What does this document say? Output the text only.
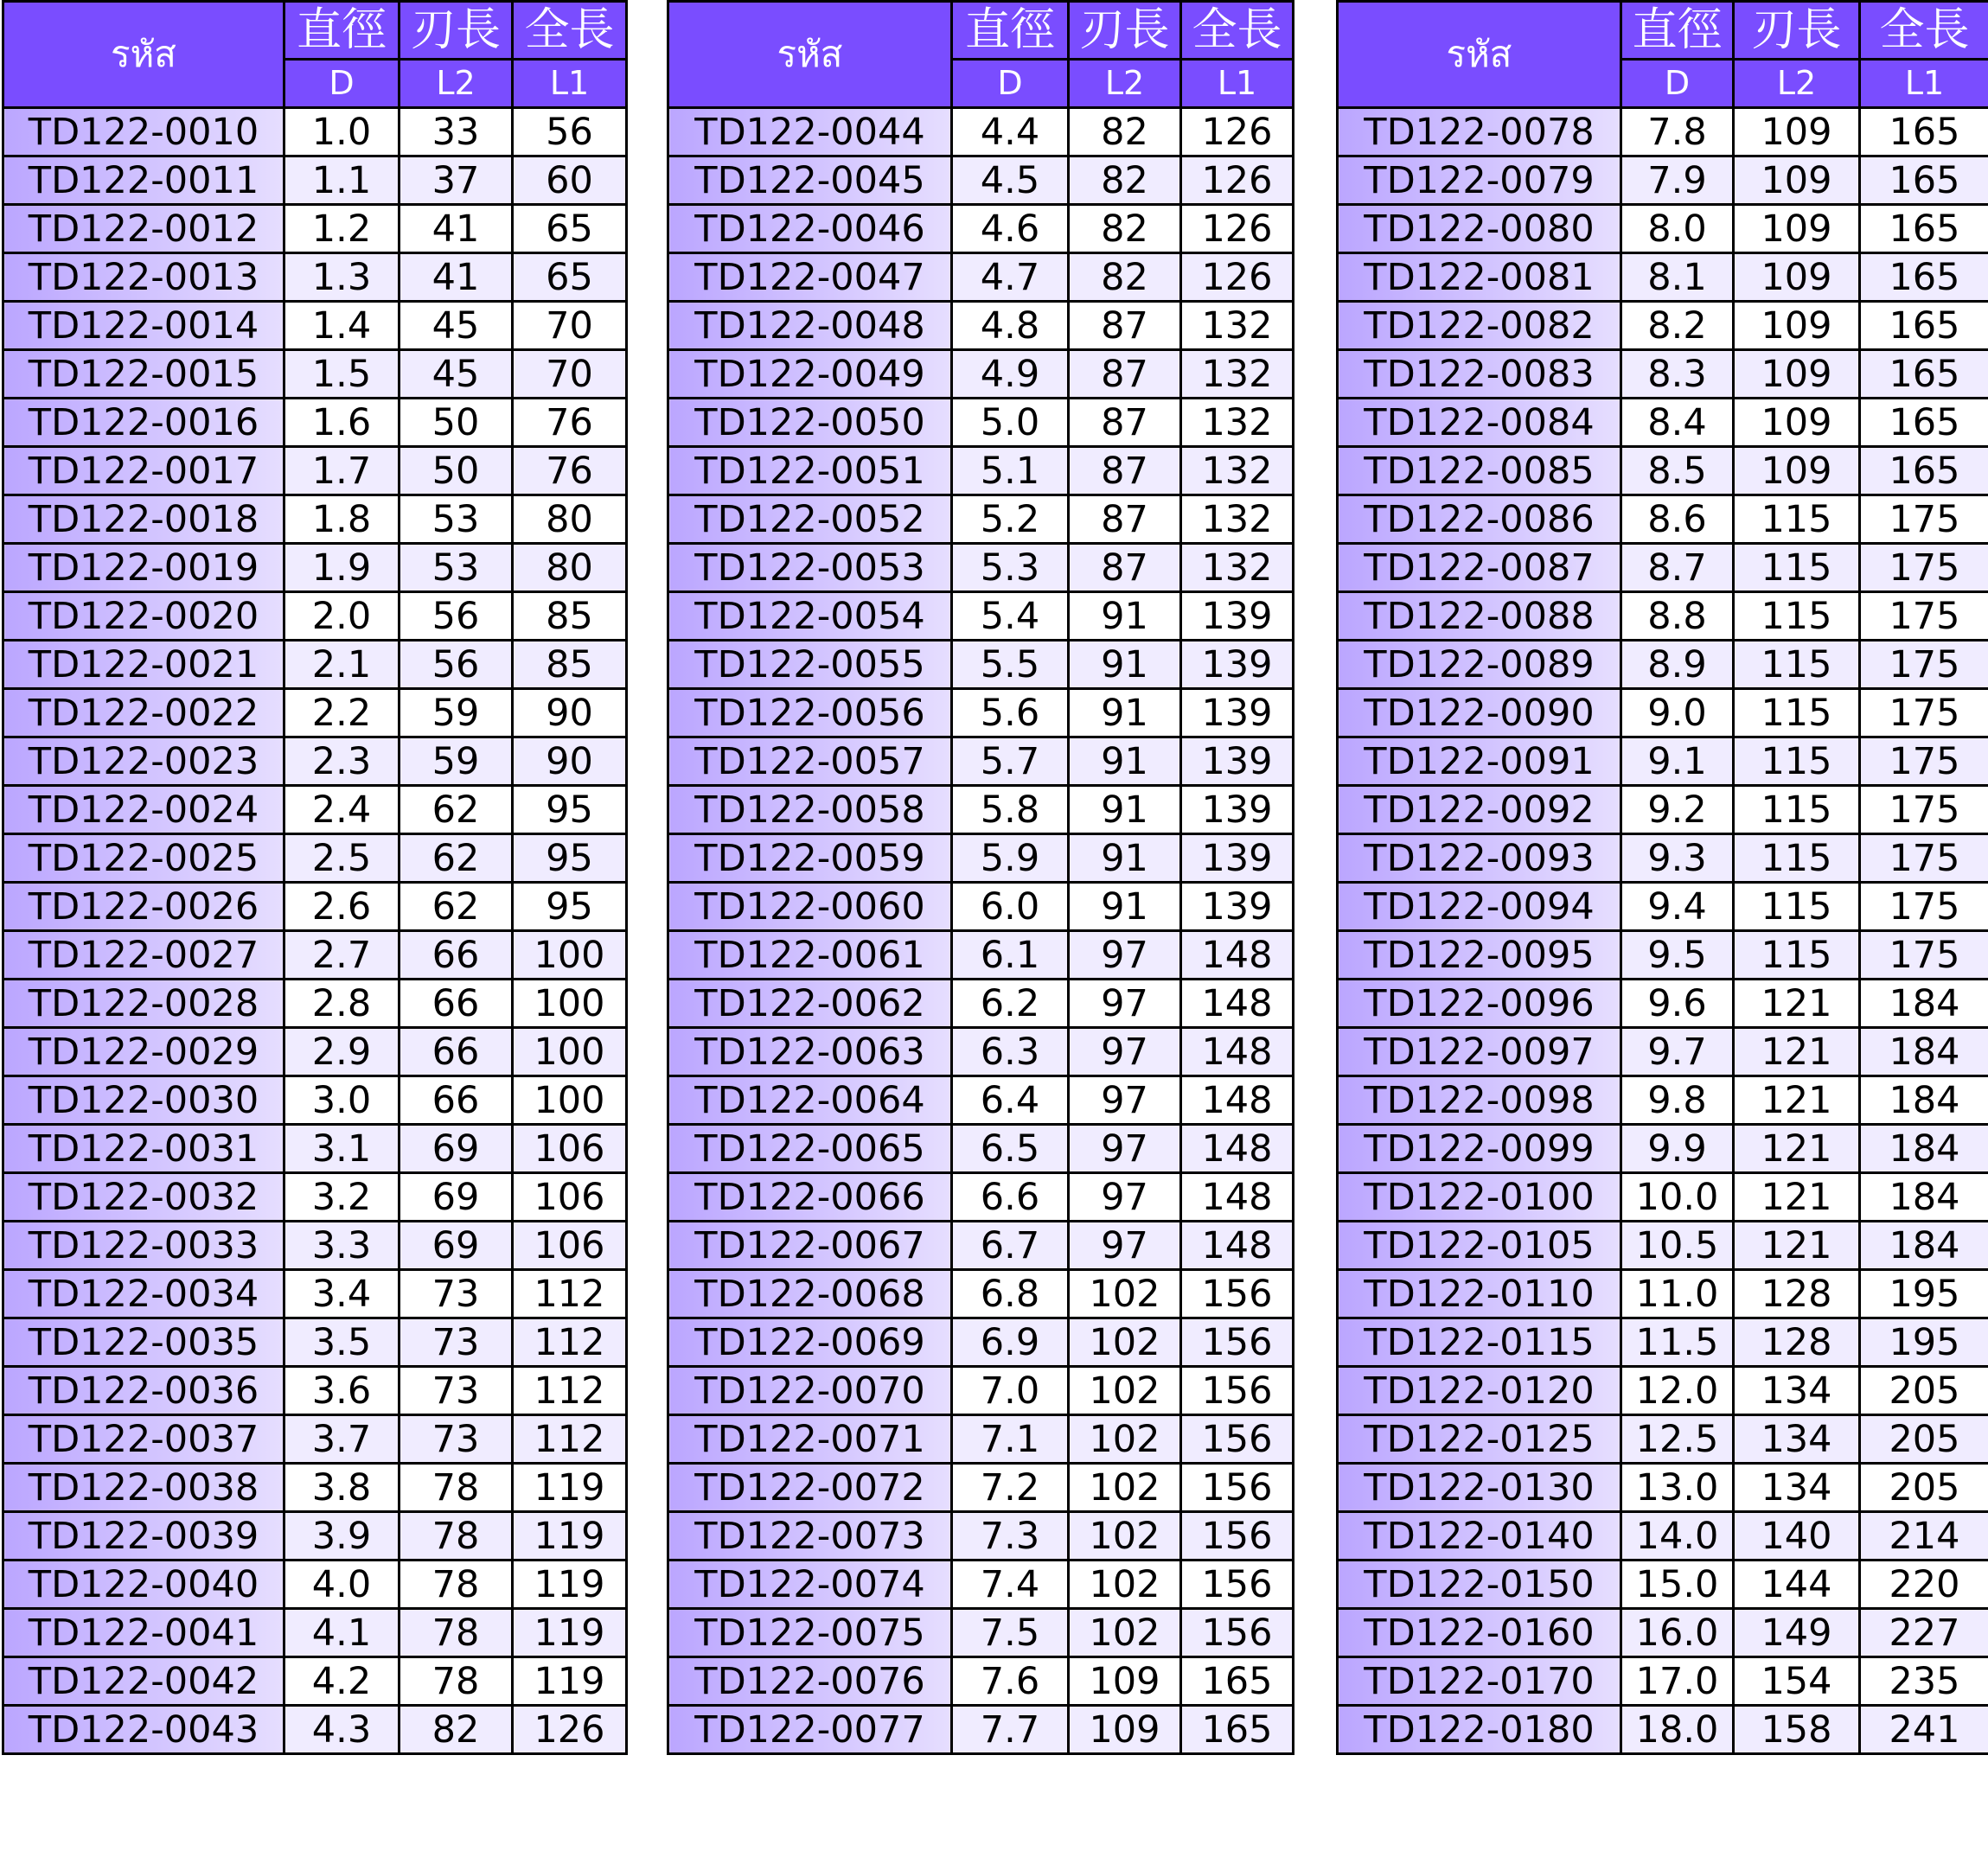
รหัส	直徑	刃長	全長
	D	L2	L1
TD122-0010	1.0	33	56
TD122-0011	1.1	37	60
TD122-0012	1.2	41	65
TD122-0013	1.3	41	65
TD122-0014	1.4	45	70
TD122-0015	1.5	45	70
TD122-0016	1.6	50	76
TD122-0017	1.7	50	76
TD122-0018	1.8	53	80
TD122-0019	1.9	53	80
TD122-0020	2.0	56	85
TD122-0021	2.1	56	85
TD122-0022	2.2	59	90
TD122-0023	2.3	59	90
TD122-0024	2.4	62	95
TD122-0025	2.5	62	95
TD122-0026	2.6	62	95
TD122-0027	2.7	66	100
TD122-0028	2.8	66	100
TD122-0029	2.9	66	100
TD122-0030	3.0	66	100
TD122-0031	3.1	69	106
TD122-0032	3.2	69	106
TD122-0033	3.3	69	106
TD122-0034	3.4	73	112
TD122-0035	3.5	73	112
TD122-0036	3.6	73	112
TD122-0037	3.7	73	112
TD122-0038	3.8	78	119
TD122-0039	3.9	78	119
TD122-0040	4.0	78	119
TD122-0041	4.1	78	119
TD122-0042	4.2	78	119
TD122-0043	4.3	82	126
รหัส	直徑	刃長	全長
	D	L2	L1
TD122-0044	4.4	82	126
TD122-0045	4.5	82	126
TD122-0046	4.6	82	126
TD122-0047	4.7	82	126
TD122-0048	4.8	87	132
TD122-0049	4.9	87	132
TD122-0050	5.0	87	132
TD122-0051	5.1	87	132
TD122-0052	5.2	87	132
TD122-0053	5.3	87	132
TD122-0054	5.4	91	139
TD122-0055	5.5	91	139
TD122-0056	5.6	91	139
TD122-0057	5.7	91	139
TD122-0058	5.8	91	139
TD122-0059	5.9	91	139
TD122-0060	6.0	91	139
TD122-0061	6.1	97	148
TD122-0062	6.2	97	148
TD122-0063	6.3	97	148
TD122-0064	6.4	97	148
TD122-0065	6.5	97	148
TD122-0066	6.6	97	148
TD122-0067	6.7	97	148
TD122-0068	6.8	102	156
TD122-0069	6.9	102	156
TD122-0070	7.0	102	156
TD122-0071	7.1	102	156
TD122-0072	7.2	102	156
TD122-0073	7.3	102	156
TD122-0074	7.4	102	156
TD122-0075	7.5	102	156
TD122-0076	7.6	109	165
TD122-0077	7.7	109	165
รหัส	直徑	刃長	全長
	D	L2	L1
TD122-0078	7.8	109	165
TD122-0079	7.9	109	165
TD122-0080	8.0	109	165
TD122-0081	8.1	109	165
TD122-0082	8.2	109	165
TD122-0083	8.3	109	165
TD122-0084	8.4	109	165
TD122-0085	8.5	109	165
TD122-0086	8.6	115	175
TD122-0087	8.7	115	175
TD122-0088	8.8	115	175
TD122-0089	8.9	115	175
TD122-0090	9.0	115	175
TD122-0091	9.1	115	175
TD122-0092	9.2	115	175
TD122-0093	9.3	115	175
TD122-0094	9.4	115	175
TD122-0095	9.5	115	175
TD122-0096	9.6	121	184
TD122-0097	9.7	121	184
TD122-0098	9.8	121	184
TD122-0099	9.9	121	184
TD122-0100	10.0	121	184
TD122-0105	10.5	121	184
TD122-0110	11.0	128	195
TD122-0115	11.5	128	195
TD122-0120	12.0	134	205
TD122-0125	12.5	134	205
TD122-0130	13.0	134	205
TD122-0140	14.0	140	214
TD122-0150	15.0	144	220
TD122-0160	16.0	149	227
TD122-0170	17.0	154	235
TD122-0180	18.0	158	241
